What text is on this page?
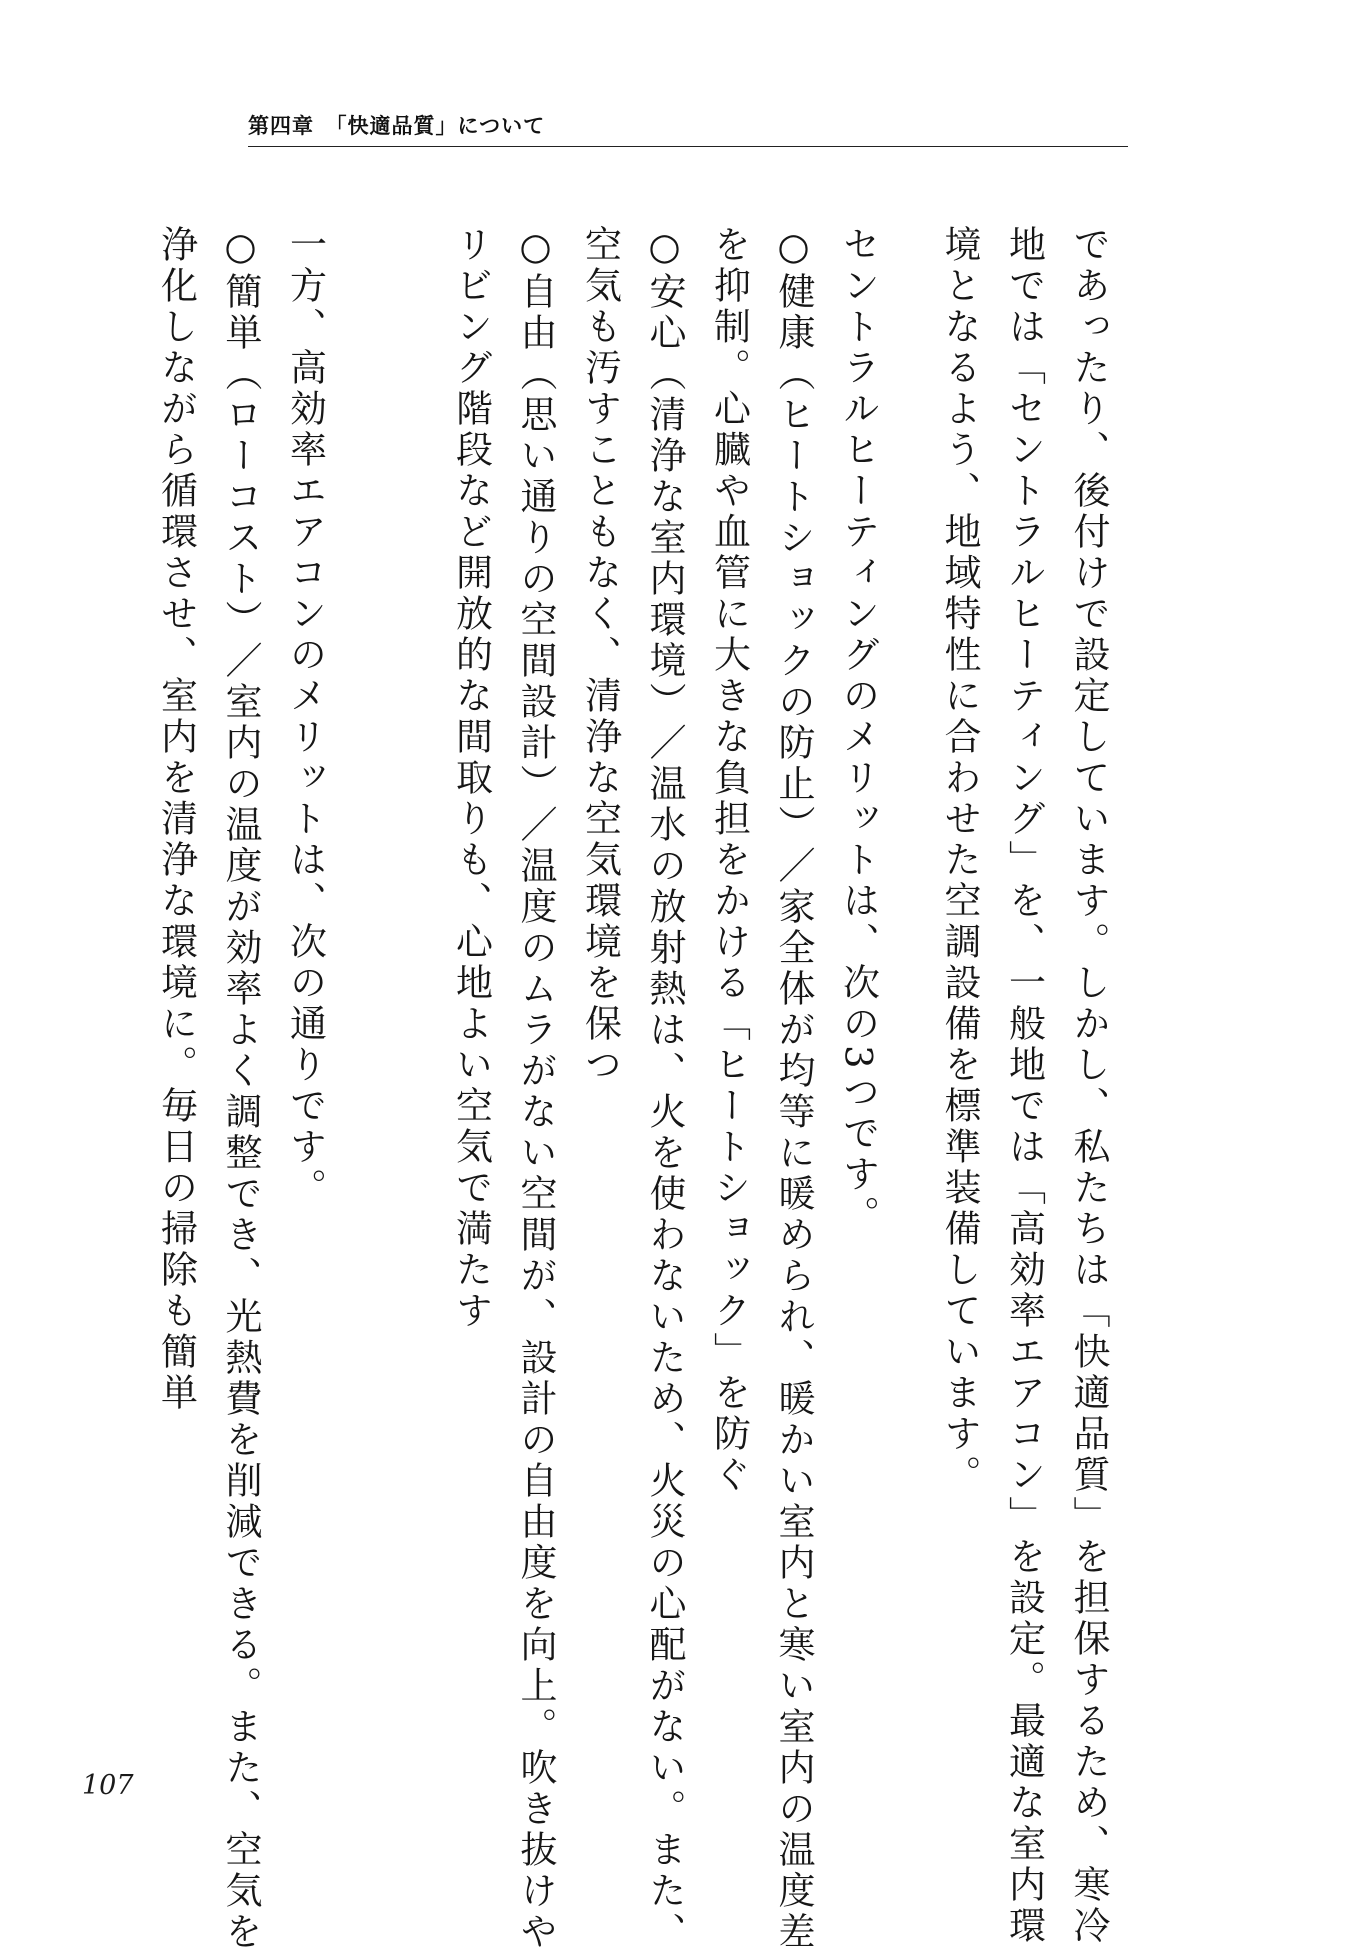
第四章　「快適品質」について
であったり、後付けで設定しています。しかし、私たちは「快適品質」を担保するため、寒冷
地では「セントラルヒーティング」を、一般地では「高効率エアコン」を設定。最適な室内環
境となるよう、地域特性に合わせた空調設備を標準装備しています。
セントラルヒーティングのメリットは、次の3つです。
○健康（ヒートショックの防止）／家全体が均等に暖められ、暖かい室内と寒い室内の温度差
を抑制。心臓や血管に大きな負担をかける「ヒートショック」を防ぐ
○安心（清浄な室内環境）／温水の放射熱は、火を使わないため、火災の心配がない。また、
空気も汚すこともなく、清浄な空気環境を保つ
○自由（思い通りの空間設計）／温度のムラがない空間が、設計の自由度を向上。吹き抜けや
リビング階段など開放的な間取りも、心地よい空気で満たす
一方、高効率エアコンのメリットは、次の通りです。
○簡単（ローコスト）／室内の温度が効率よく調整でき、光熱費を削減できる。また、空気を
浄化しながら循環させ、室内を清浄な環境に。毎日の掃除も簡単
107
